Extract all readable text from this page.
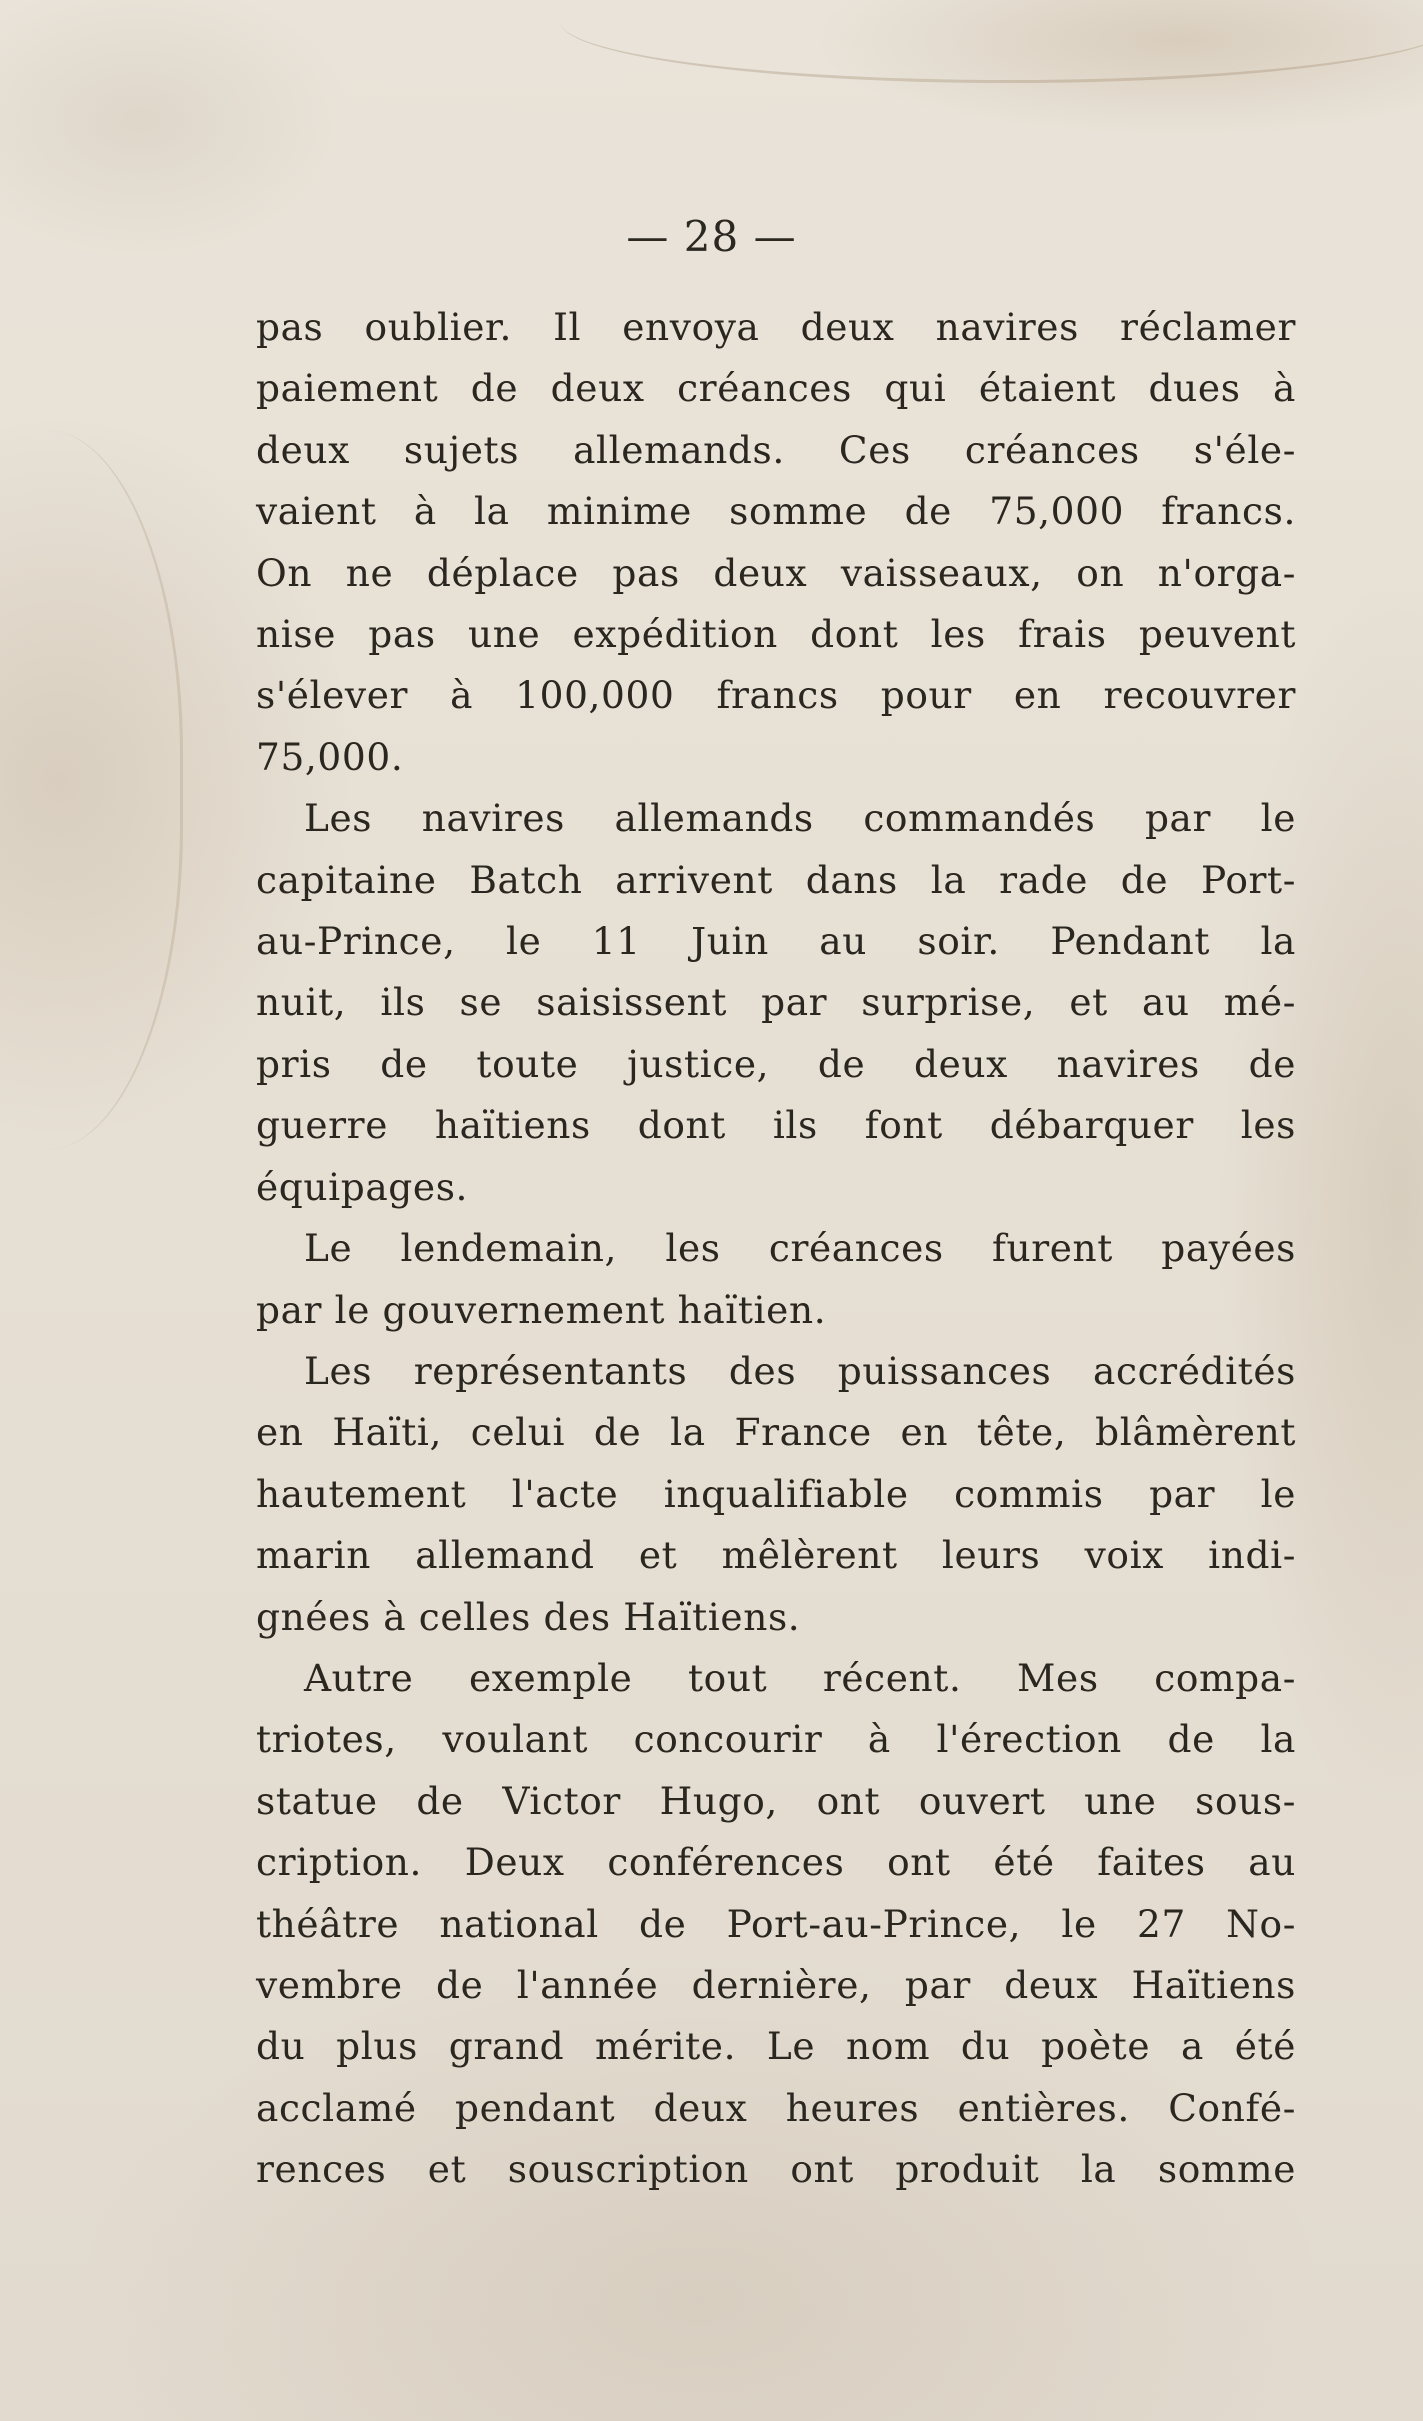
— 28 —

pas oublier. Il envoya deux navires réclamer

paiement de deux créances qui étaient dues à

deux sujets allemands. Ces créances s'éle-

vaient à la minime somme de 75,000 francs.

On ne déplace pas deux vaisseaux, on n'orga-

nise pas une expédition dont les frais peuvent

s'élever à 100,000 francs pour en recouvrer

75,000.

Les navires allemands commandés par le

capitaine Batch arrivent dans la rade de Port-

au-Prince, le 11 Juin au soir. Pendant la

nuit, ils se saisissent par surprise, et au mé-

pris de toute justice, de deux navires de

guerre haïtiens dont ils font débarquer les

équipages.

Le lendemain, les créances furent payées

par le gouvernement haïtien.

Les représentants des puissances accrédités

en Haïti, celui de la France en tête, blâmèrent

hautement l'acte inqualifiable commis par le

marin allemand et mêlèrent leurs voix indi-

gnées à celles des Haïtiens.

Autre exemple tout récent. Mes compa-

triotes, voulant concourir à l'érection de la

statue de Victor Hugo, ont ouvert une sous-

cription. Deux conférences ont été faites au

théâtre national de Port-au-Prince, le 27 No-

vembre de l'année dernière, par deux Haïtiens

du plus grand mérite. Le nom du poète a été

acclamé pendant deux heures entières. Confé-

rences et souscription ont produit la somme
